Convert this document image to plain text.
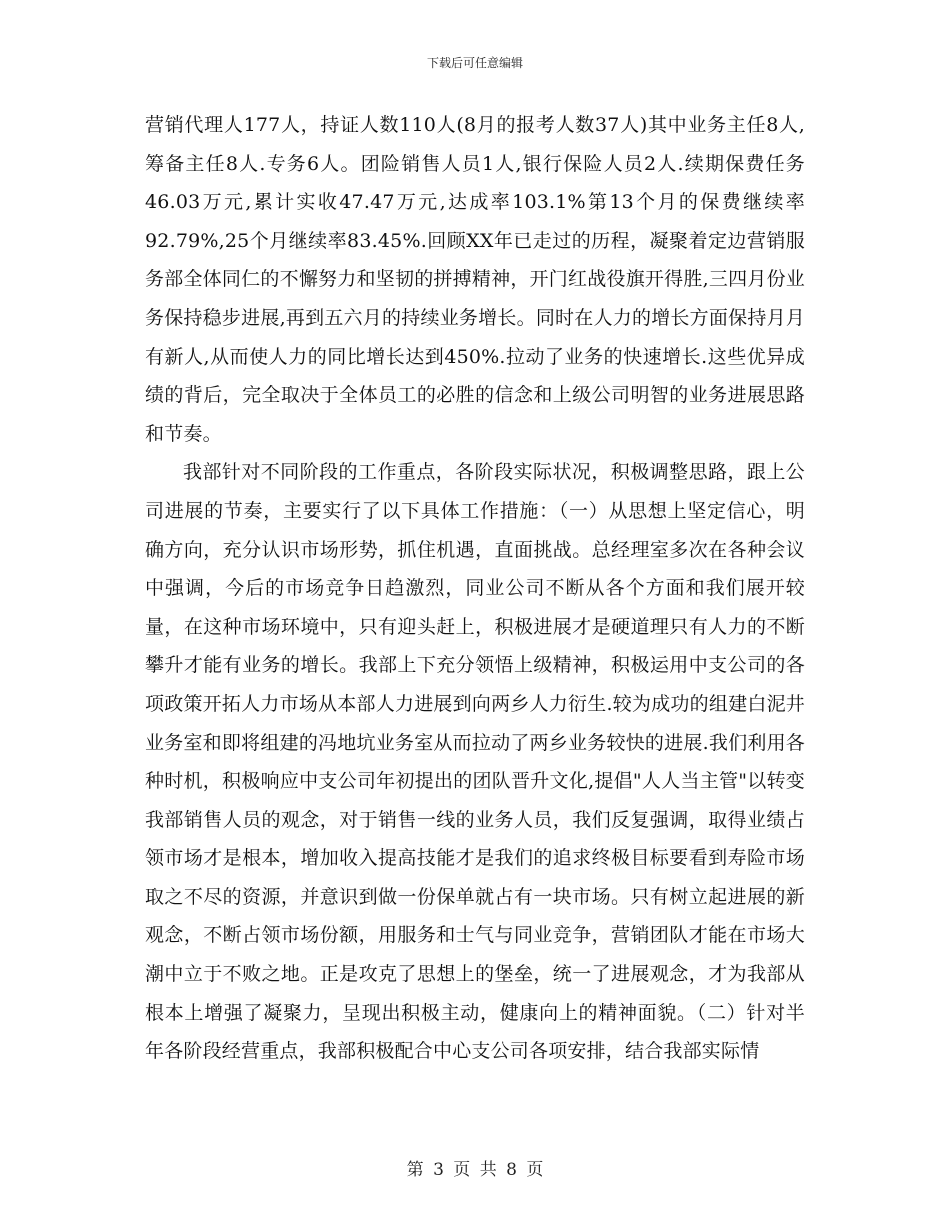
下载后可任意编辑

营销代理人177人，持证人数110人(8月的报考人数37人)其中业务主任8人,筹备主任8人.专务6人。团险销售人员1人,银行保险人员2人.续期保费任务46.03万元,累计实收47.47万元,达成率103.1%第13个月的保费继续率92.79%,25个月继续率83.45%.回顾XX年已走过的历程，凝聚着定边营销服务部全体同仁的不懈努力和坚韧的拼搏精神，开门红战役旗开得胜,三四月份业务保持稳步进展,再到五六月的持续业务增长。同时在人力的增长方面保持月月有新人,从而使人力的同比增长达到450%.拉动了业务的快速增长.这些优异成绩的背后，完全取决于全体员工的必胜的信念和上级公司明智的业务进展思路和节奏。

我部针对不同阶段的工作重点，各阶段实际状况，积极调整思路，跟上公司进展的节奏，主要实行了以下具体工作措施：（一）从思想上坚定信心，明确方向，充分认识市场形势，抓住机遇，直面挑战。总经理室多次在各种会议中强调，今后的市场竞争日趋激烈，同业公司不断从各个方面和我们展开较量，在这种市场环境中，只有迎头赶上，积极进展才是硬道理只有人力的不断攀升才能有业务的增长。我部上下充分领悟上级精神，积极运用中支公司的各项政策开拓人力市场从本部人力进展到向两乡人力衍生.较为成功的组建白泥井业务室和即将组建的冯地坑业务室从而拉动了两乡业务较快的进展.我们利用各种时机，积极响应中支公司年初提出的团队晋升文化,提倡"人人当主管"以转变我部销售人员的观念，对于销售一线的业务人员，我们反复强调，取得业绩占领市场才是根本，增加收入提高技能才是我们的追求终极目标要看到寿险市场取之不尽的资源，并意识到做一份保单就占有一块市场。只有树立起进展的新观念，不断占领市场份额，用服务和士气与同业竞争，营销团队才能在市场大潮中立于不败之地。正是攻克了思想上的堡垒，统一了进展观念，才为我部从根本上增强了凝聚力，呈现出积极主动，健康向上的精神面貌。（二）针对半年各阶段经营重点，我部积极配合中心支公司各项安排，结合我部实际情

第 3 页 共 8 页
